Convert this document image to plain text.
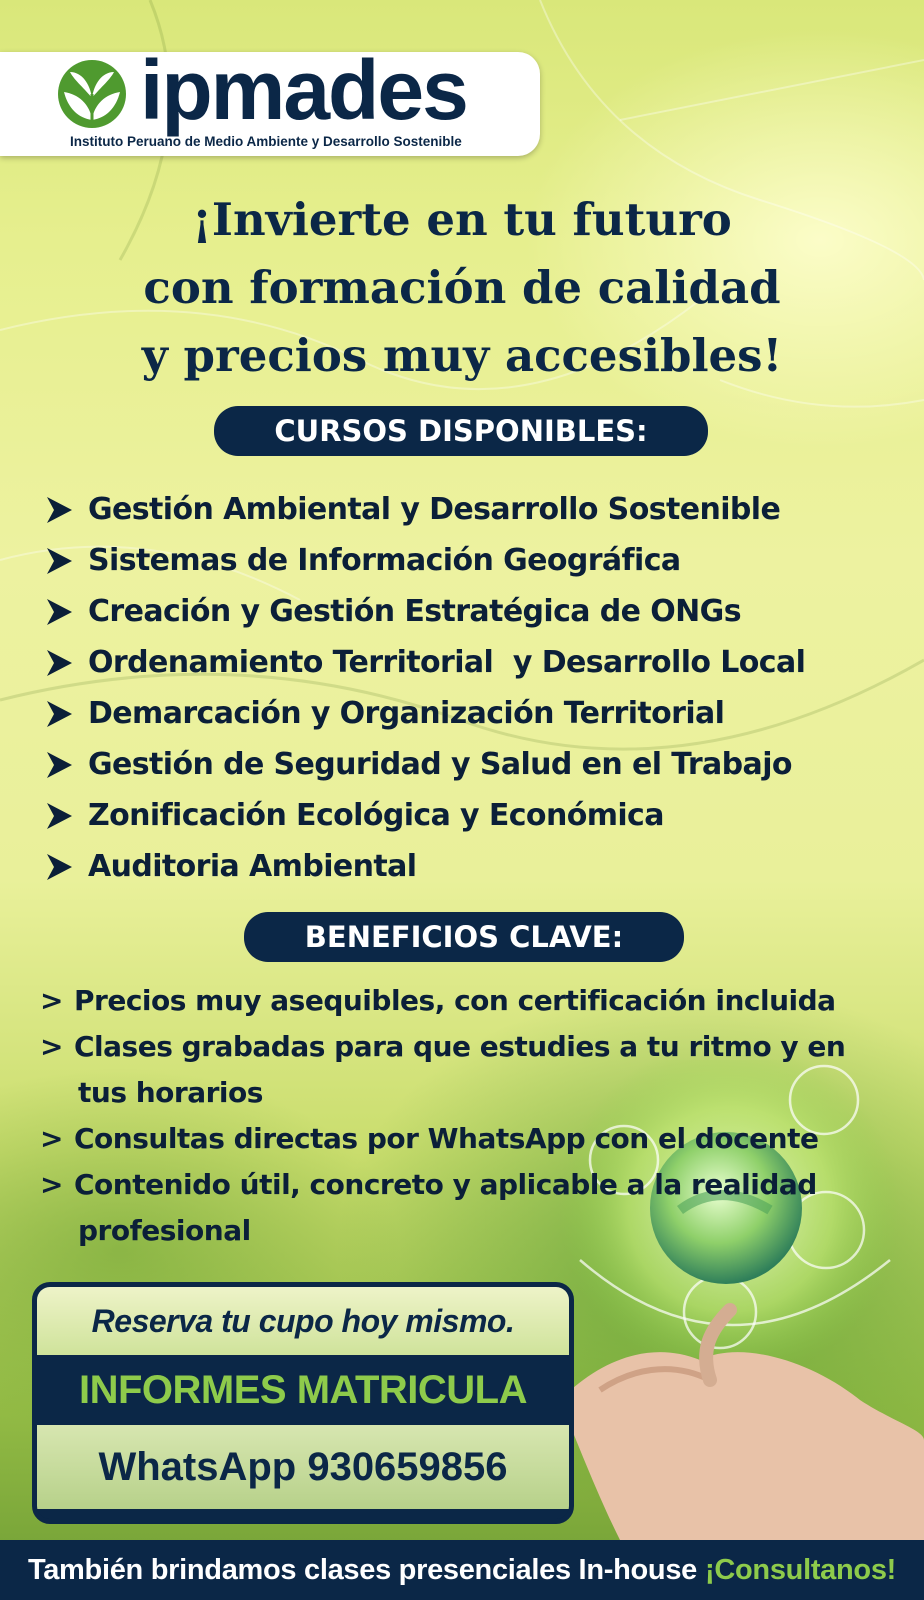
ipmades
Instituto Peruano de Medio Ambiente y Desarrollo Sostenible
¡Invierte en tu futuro
con formación de calidad
y precios muy accesibles!
CURSOS DISPONIBLES:
Gestión Ambiental y Desarrollo Sostenible
Sistemas de Información Geográfica
Creación y Gestión Estratégica de ONGs
Ordenamiento Territorial  y Desarrollo Local
Demarcación y Organización Territorial
Gestión de Seguridad y Salud en el Trabajo
Zonificación Ecológica y Económica
Auditoria Ambiental
BENEFICIOS CLAVE:
> Precios muy asequibles, con certificación incluida
> Clases grabadas para que estudies a tu ritmo y en
tus horarios
> Consultas directas por WhatsApp con el docente
> Contenido útil, concreto y aplicable a la realidad
profesional
Reserva tu cupo hoy mismo.
INFORMES MATRICULA
WhatsApp 930659856
También brindamos clases presenciales In-house ¡Consultanos!
